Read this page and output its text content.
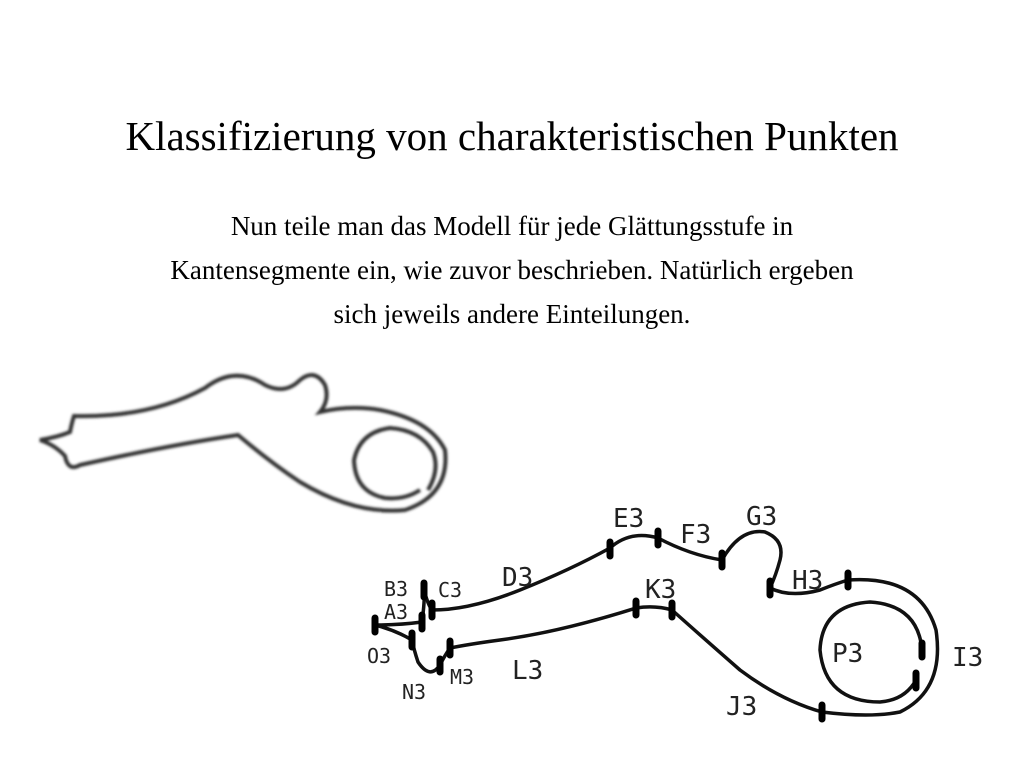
Klassifizierung von charakteristischen Punkten
Nun teile man das Modell für jede Glättungsstufe in
Kantensegmente ein, wie zuvor beschrieben. Natürlich ergeben
sich jeweils andere Einteilungen.
B3
A3
C3 D3
E3
F3
G3
H3
K3
P3	I3
O3
N3
M3 L3
J3
